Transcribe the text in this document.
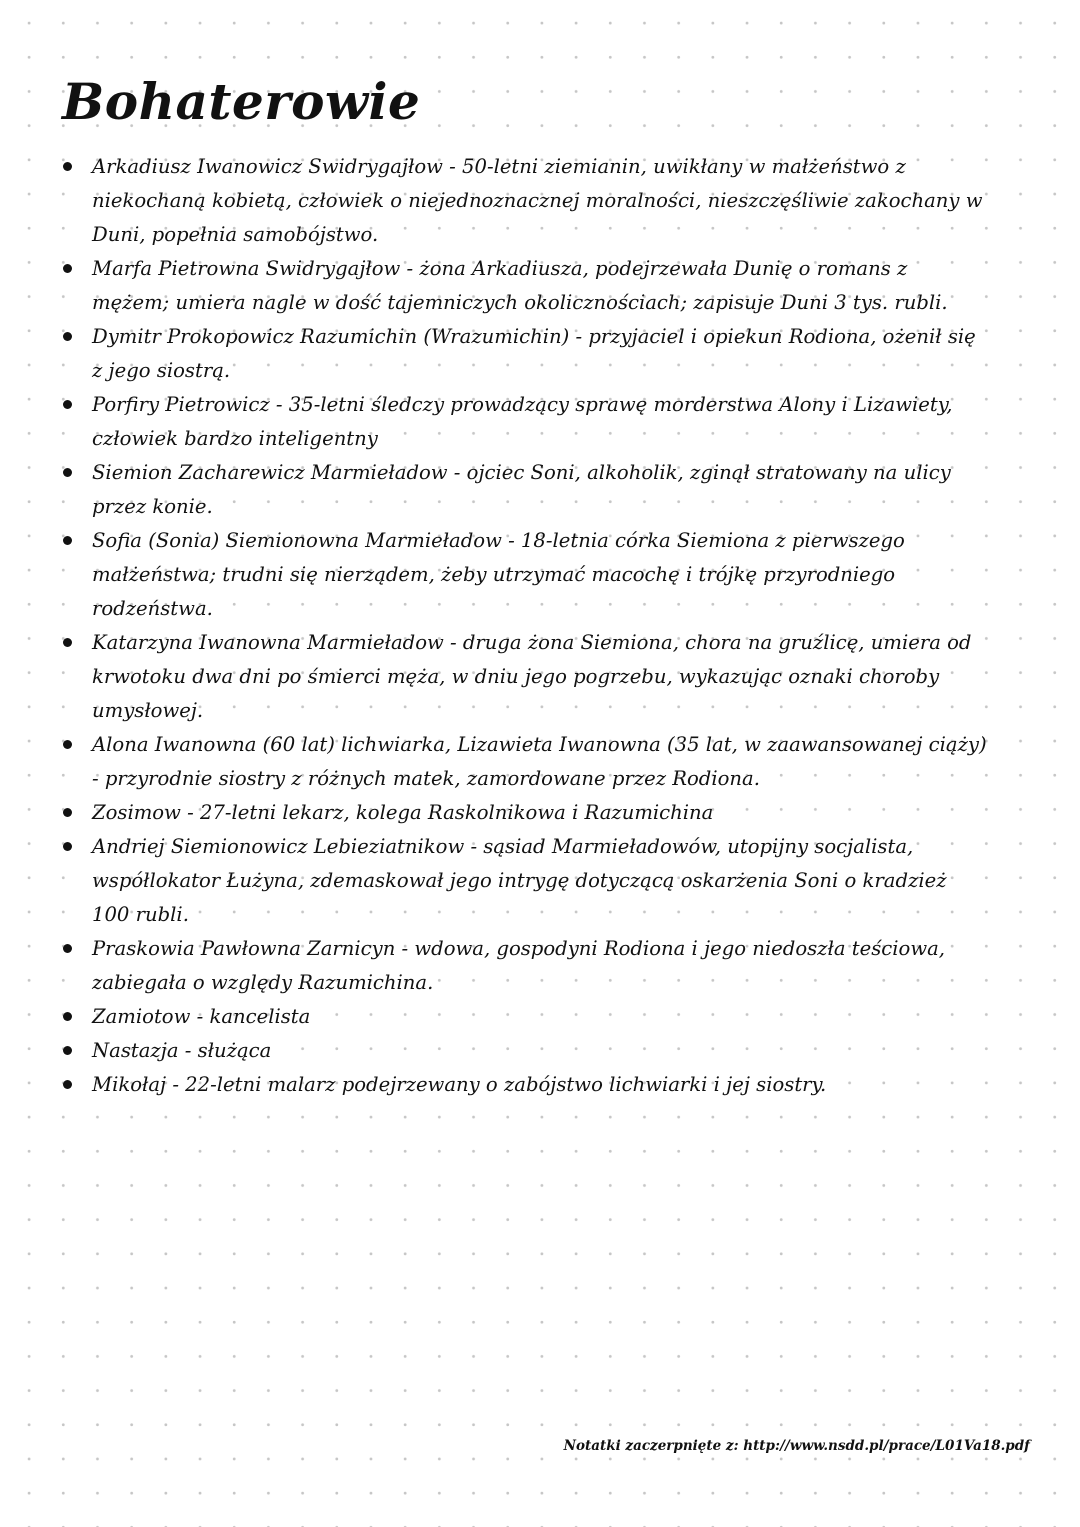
Bohaterowie
Arkadiusz Iwanowicz Swidrygajłow - 50-letni ziemianin, uwikłany w małżeństwo z niekochaną kobietą, człowiek o niejednoznacznej moralności, nieszczęśliwie zakochany w Duni, popełnia samobójstwo.
Marfa Pietrowna Swidrygajłow - żona Arkadiusza, podejrzewała Dunię o romans z mężem; umiera nagle w dość tajemniczych okolicznościach; zapisuje Duni 3 tys. rubli.
Dymitr Prokopowicz Razumichin (Wrazumichin) - przyjaciel i opiekun Rodiona, ożenił się z jego siostrą.
Porfiry Pietrowicz - 35-letni śledczy prowadzący sprawę morderstwa Alony i Lizawiety, człowiek bardzo inteligentny
Siemion Zacharewicz Marmieładow - ojciec Soni, alkoholik, zginął stratowany na ulicy przez konie.
Sofia (Sonia) Siemionowna Marmieładow - 18-letnia córka Siemiona z pierwszego małżeństwa; trudni się nierządem, żeby utrzymać macochę i trójkę przyrodniego rodzeństwa.
Katarzyna Iwanowna Marmieładow - druga żona Siemiona, chora na gruźlicę, umiera od krwotoku dwa dni po śmierci męża, w dniu jego pogrzebu, wykazując oznaki choroby umysłowej.
Alona Iwanowna (60 lat) lichwiarka, Lizawieta Iwanowna (35 lat, w zaawansowanej ciąży) - przyrodnie siostry z różnych matek, zamordowane przez Rodiona.
Zosimow - 27-letni lekarz, kolega Raskolnikowa i Razumichina
Andriej Siemionowicz Lebieziatnikow - sąsiad Marmieładowów, utopijny socjalista, współlokator Łużyna, zdemaskował jego intrygę dotyczącą oskarżenia Soni o kradzież 100 rubli.
Praskowia Pawłowna Zarnicyn - wdowa, gospodyni Rodiona i jego niedoszła teściowa, zabiegała o względy Razumichina.
Zamiotow - kancelista
Nastazja - służąca
Mikołaj - 22-letni malarz podejrzewany o zabójstwo lichwiarki i jej siostry.
Notatki zaczerpnięte z: http://www.nsdd.pl/prace/L01Va18.pdf
